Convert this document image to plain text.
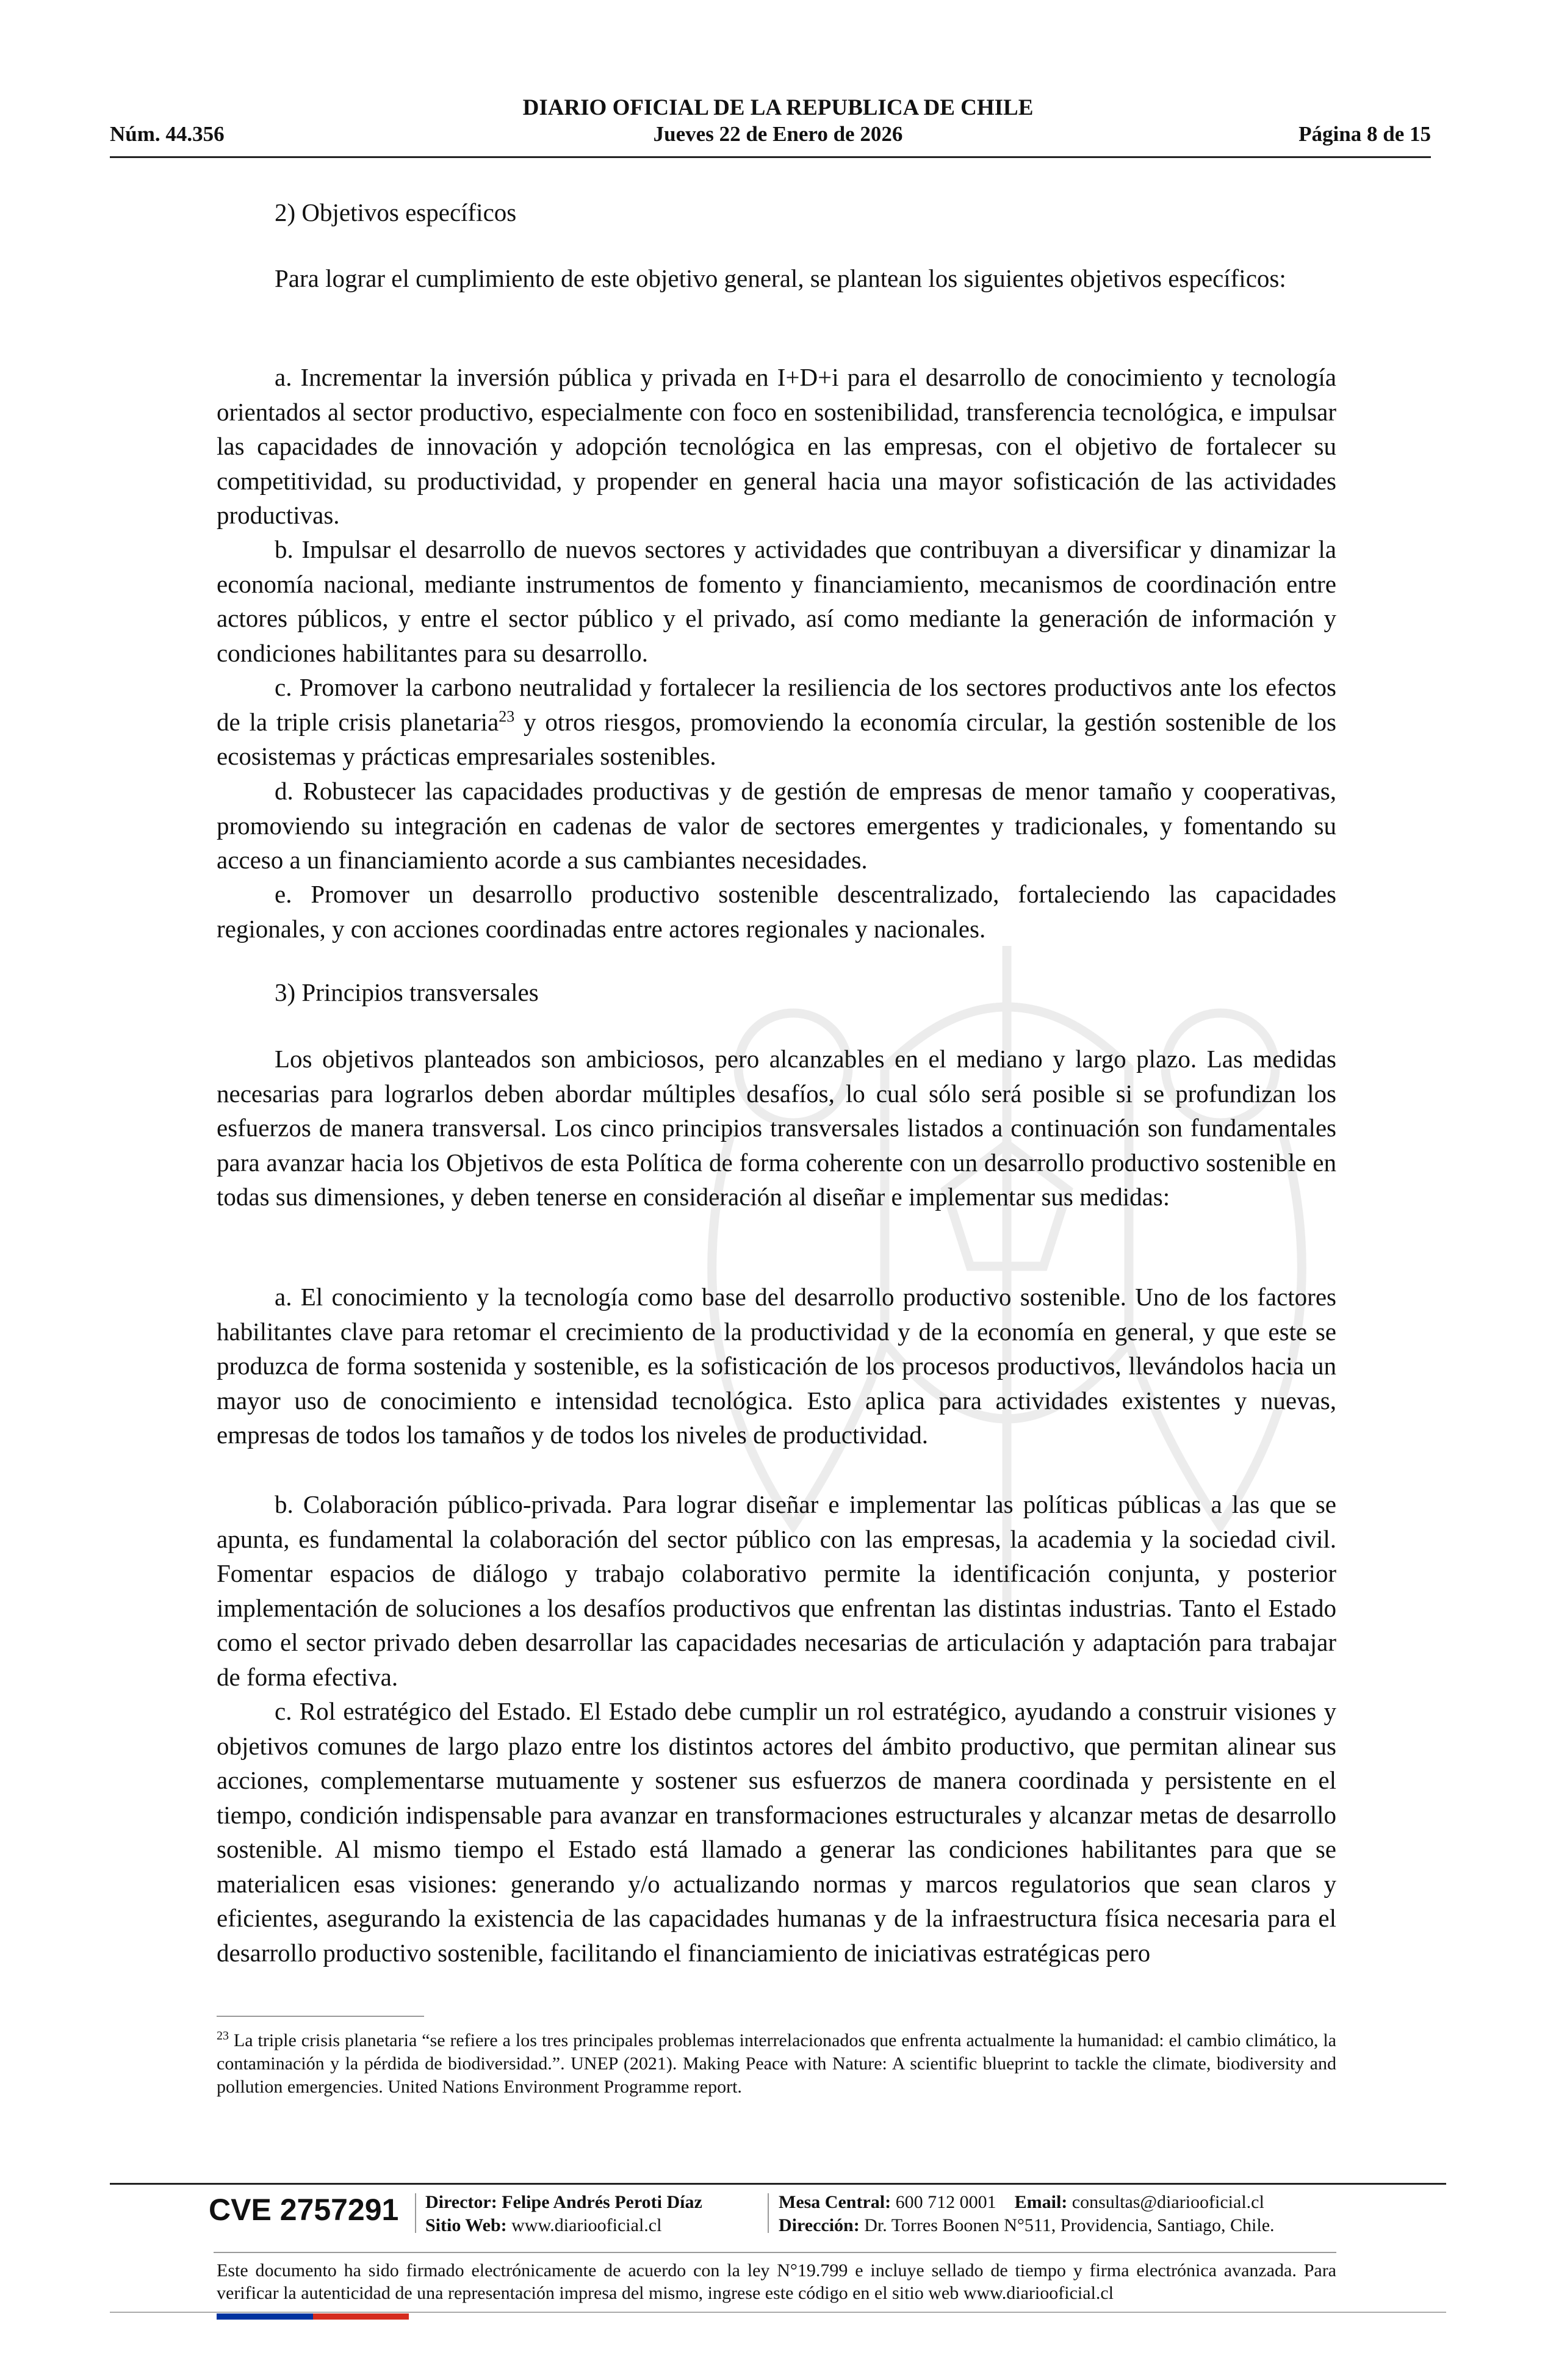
DIARIO OFICIAL DE LA REPUBLICA DE CHILE
Núm. 44.356	Jueves 22 de Enero de 2026	Página 8 de 15
2) Objetivos específicos
Para lograr el cumplimiento de este objetivo general, se plantean los siguientes objetivos específicos:
a. Incrementar la inversión pública y privada en I+D+i para el desarrollo de conocimiento y tecnología orientados al sector productivo, especialmente con foco en sostenibilidad, transferencia tecnológica, e impulsar las capacidades de innovación y adopción tecnológica en las empresas, con el objetivo de fortalecer su competitividad, su productividad, y propender en general hacia una mayor sofisticación de las actividades productivas.
b. Impulsar el desarrollo de nuevos sectores y actividades que contribuyan a diversificar y dinamizar la economía nacional, mediante instrumentos de fomento y financiamiento, mecanismos de coordinación entre actores públicos, y entre el sector público y el privado, así como mediante la generación de información y condiciones habilitantes para su desarrollo.
c. Promover la carbono neutralidad y fortalecer la resiliencia de los sectores productivos ante los efectos de la triple crisis planetaria$^{23}$ y otros riesgos, promoviendo la economía circular, la gestión sostenible de los ecosistemas y prácticas empresariales sostenibles.
d. Robustecer las capacidades productivas y de gestión de empresas de menor tamaño y cooperativas, promoviendo su integración en cadenas de valor de sectores emergentes y tradicionales, y fomentando su acceso a un financiamiento acorde a sus cambiantes necesidades.
e. Promover un desarrollo productivo sostenible descentralizado, fortaleciendo las capacidades regionales, y con acciones coordinadas entre actores regionales y nacionales.
3) Principios transversales
Los objetivos planteados son ambiciosos, pero alcanzables en el mediano y largo plazo. Las medidas necesarias para lograrlos deben abordar múltiples desafíos, lo cual sólo será posible si se profundizan los esfuerzos de manera transversal. Los cinco principios transversales listados a continuación son fundamentales para avanzar hacia los Objetivos de esta Política de forma coherente con un desarrollo productivo sostenible en todas sus dimensiones, y deben tenerse en consideración al diseñar e implementar sus medidas:
a. El conocimiento y la tecnología como base del desarrollo productivo sostenible. Uno de los factores habilitantes clave para retomar el crecimiento de la productividad y de la economía en general, y que este se produzca de forma sostenida y sostenible, es la sofisticación de los procesos productivos, llevándolos hacia un mayor uso de conocimiento e intensidad tecnológica. Esto aplica para actividades existentes y nuevas, empresas de todos los tamaños y de todos los niveles de productividad.
b. Colaboración público-privada. Para lograr diseñar e implementar las políticas públicas a las que se apunta, es fundamental la colaboración del sector público con las empresas, la academia y la sociedad civil. Fomentar espacios de diálogo y trabajo colaborativo permite la identificación conjunta, y posterior implementación de soluciones a los desafíos productivos que enfrentan las distintas industrias. Tanto el Estado como el sector privado deben desarrollar las capacidades necesarias de articulación y adaptación para trabajar de forma efectiva.
c. Rol estratégico del Estado. El Estado debe cumplir un rol estratégico, ayudando a construir visiones y objetivos comunes de largo plazo entre los distintos actores del ámbito productivo, que permitan alinear sus acciones, complementarse mutuamente y sostener sus esfuerzos de manera coordinada y persistente en el tiempo, condición indispensable para avanzar en transformaciones estructurales y alcanzar metas de desarrollo sostenible. Al mismo tiempo el Estado está llamado a generar las condiciones habilitantes para que se materialicen esas visiones: generando y/o actualizando normas y marcos regulatorios que sean claros y eficientes, asegurando la existencia de las capacidades humanas y de la infraestructura física necesaria para el desarrollo productivo sostenible, facilitando el financiamiento de iniciativas estratégicas pero
$^{23}$ La triple crisis planetaria “se refiere a los tres principales problemas interrelacionados que enfrenta actualmente la humanidad: el cambio climático, la contaminación y la pérdida de biodiversidad.”. UNEP (2021). Making Peace with Nature: A scientific blueprint to tackle the climate, biodiversity and pollution emergencies. United Nations Environment Programme report.
CVE 2757291 Director: Felipe Andrés Peroti Díaz
Sitio Web: www.diariooficial.cl
Mesa Central: 600 712 0001 Email: consultas@diariooficial.cl
Dirección: Dr. Torres Boonen N°511, Providencia, Santiago, Chile.
Este documento ha sido firmado electrónicamente de acuerdo con la ley N°19.799 e incluye sellado de tiempo y firma electrónica avanzada. Para verificar la autenticidad de una representación impresa del mismo, ingrese este código en el sitio web www.diariooficial.cl
